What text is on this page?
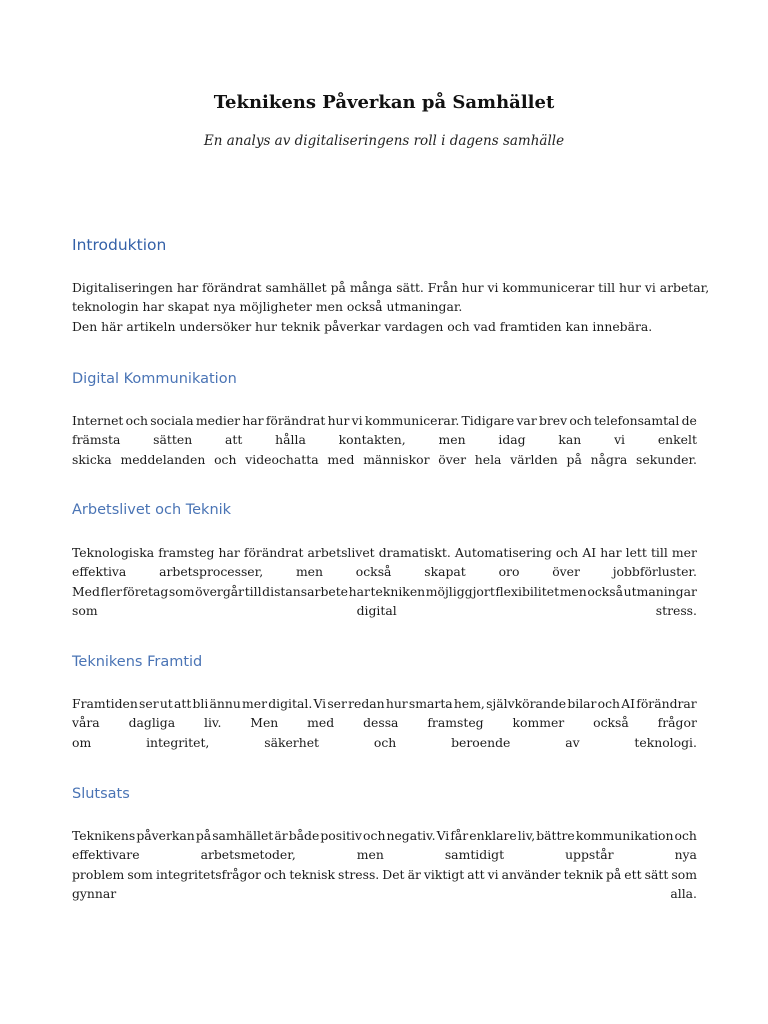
Teknikens Påverkan på Samhället
En analys av digitaliseringens roll i dagens samhälle
Introduktion
Digitaliseringen har förändrat samhället på många sätt. Från hur vi kommunicerar till hur vi arbetar,
teknologin har skapat nya möjligheter men också utmaningar.
Den här artikeln undersöker hur teknik påverkar vardagen och vad framtiden kan innebära.
Digital Kommunikation
Internet och sociala medier har förändrat hur vi kommunicerar. Tidigare var brev och telefonsamtal de
främsta	sätten	att	hålla	kontakten,	men	idag	kan	vi	enkelt
skicka meddelanden och videochatta med människor över hela världen på några sekunder.
Arbetslivet och Teknik
Teknologiska framsteg har förändrat arbetslivet dramatiskt. Automatisering och AI har lett till mer
effektiva	arbetsprocesser,	men	också	skapat	oro	över	jobbförluster.
Med fler företag som övergår till distansarbete har tekniken möjliggjort flexibilitet men också utmaningar
som	digital	stress.
Teknikens Framtid
Framtiden ser ut att bli ännu mer digital. Vi ser redan hur smarta hem, självkörande bilar och AI förändrar
våra dagliga liv. Men med dessa framsteg kommer också frågor
om	integritet,	säkerhet	och	beroende	av	teknologi.
Slutsats
Teknikens påverkan på samhället är både positiv och negativ. Vi får enklare liv, bättre kommunikation och
effektivare	arbetsmetoder,	men	samtidigt	uppstår	nya
problem som integritetsfrågor och teknisk stress. Det är viktigt att vi använder teknik på ett sätt som
gynnar	alla.
